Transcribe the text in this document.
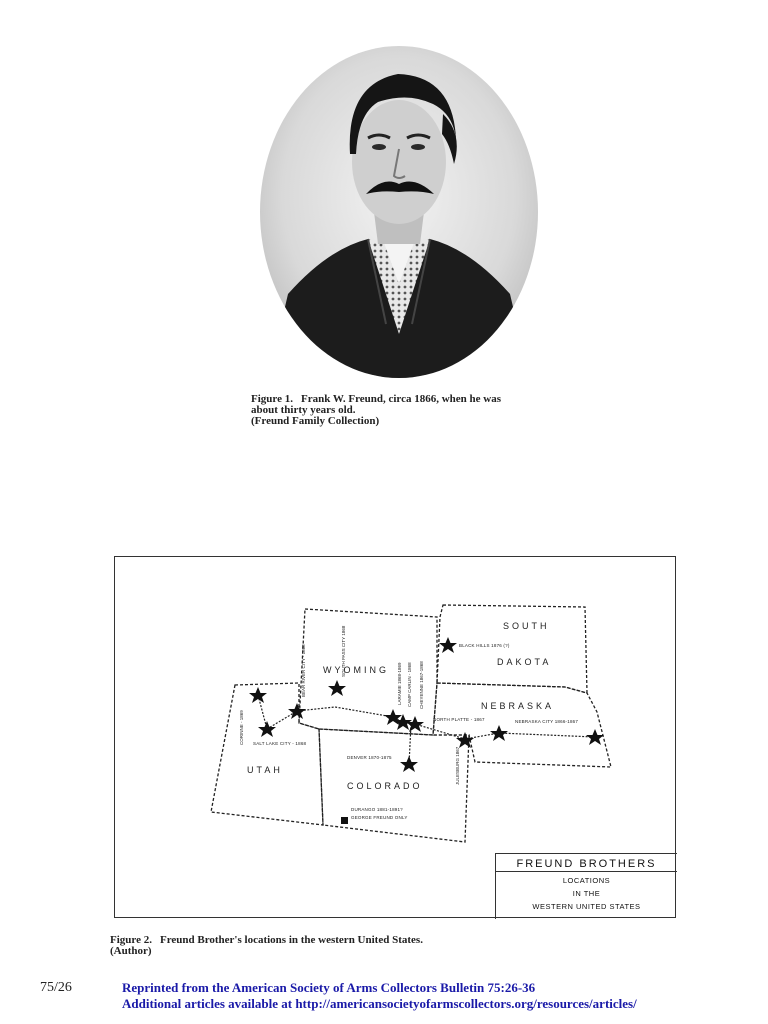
Figure 1. Frank W. Freund, circa 1866, when he was
about thirty years old.
(Freund Family Collection)
SOUTH
DAKOTA
WYOMING
NEBRASKA
UTAH
COLORADO
BLACK HILLS 1876 (?)
NORTH PLATTE - 1867	NEBRASKA CITY 1866-1867
SALT LAKE CITY - 1868
DENVER 1870-1875
DURANGO 1881-1891?
GEORGE FREUND ONLY
BEAR RIVER CITY - 1868	SOUTH PASS CITY 1868
LARAMIE 1868-1869 CAMP CARLIN - 1868 CHEYENNE 1867-1868
CORINNE - 1869
JULESBURG 1867
FREUND BROTHERS
LOCATIONS
IN THE
WESTERN UNITED STATES
Figure 2. Freund Brother's locations in the western United States.
(Author)
75/26	Reprinted from the American Society of Arms Collectors Bulletin 75:26-36
Additional articles available at http://americansocietyofarmscollectors.org/resources/articles/
